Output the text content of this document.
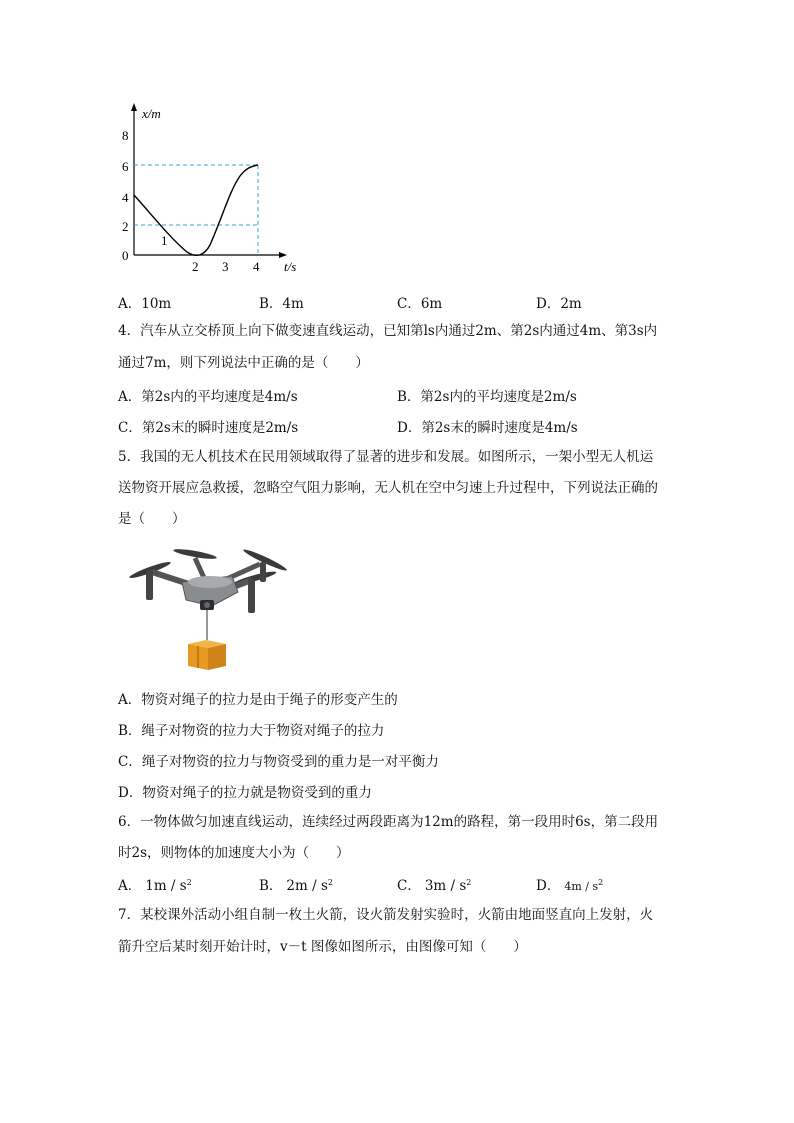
x/m
t/s
8
6
4
2
0
1
2 3 4
A．10m	B．4m	C．6m	D．2m
4．汽车从立交桥顶上向下做变速直线运动，已知第ls内通过2m、第2s内通过4m、第3s内
通过7m，则下列说法中正确的是（　　）
A．第2s内的平均速度是4m/s	B．第2s内的平均速度是2m/s
C．第2s末的瞬时速度是2m/s	D．第2s末的瞬时速度是4m/s
5．我国的无人机技术在民用领域取得了显著的进步和发展。如图所示，一架小型无人机运
送物资开展应急救援，忽略空气阻力影响，无人机在空中匀速上升过程中，下列说法正确的
是（　　）
A．物资对绳子的拉力是由于绳子的形变产生的
B．绳子对物资的拉力大于物资对绳子的拉力
C．绳子对物资的拉力与物资受到的重力是一对平衡力
D．物资对绳子的拉力就是物资受到的重力
6．一物体做匀加速直线运动，连续经过两段距离为12m的路程，第一段用时6s，第二段用
时2s，则物体的加速度大小为（　　）
A． $1m / s^2$	B． $2m / s^2$	C． $3m / s^2$	D． $4m / s^2$
7．某校课外活动小组自制一枚土火箭，设火箭发射实验时，火箭由地面竖直向上发射，火
箭升空后某时刻开始计时，v－t 图像如图所示，由图像可知（　　）
